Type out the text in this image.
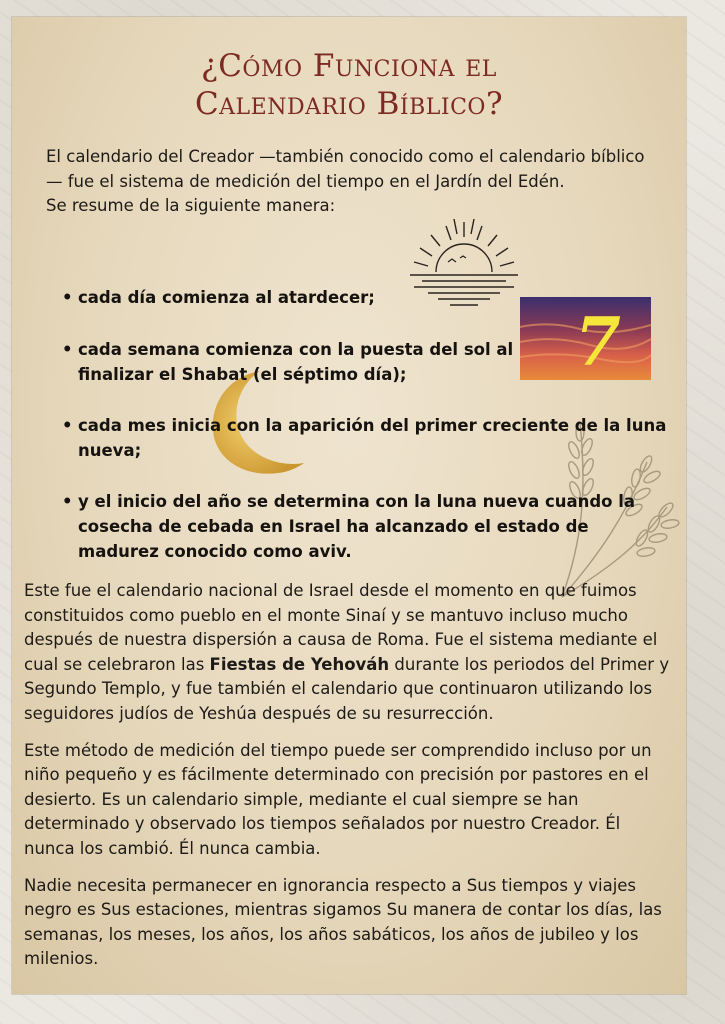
¿Cómo Funciona el
Calendario Bíblico?

El calendario del Creador —también conocido como el calendario bíblico— fue el sistema de medición del tiempo en el Jardín del Edén.

Se resume de la siguiente manera:

7
• cada día comienza al atardecer;
• cada semana comienza con la puesta del sol al finalizar el Shabat (el séptimo día);
• cada mes inicia con la aparición del primer creciente de la luna nueva;
• y el inicio del año se determina con la luna nueva cuando la cosecha de cebada en Israel ha alcanzado el estado de madurez conocido como aviv.

Este fue el calendario nacional de Israel desde el momento en que fuimos constituidos como pueblo en el monte Sinaí y se mantuvo incluso mucho después de nuestra dispersión a causa de Roma. Fue el sistema mediante el cual se celebraron las Fiestas de Yehováh durante los periodos del Primer y Segundo Templo, y fue también el calendario que continuaron utilizando los seguidores judíos de Yeshúa después de su resurrección.

Este método de medición del tiempo puede ser comprendido incluso por un niño pequeño y es fácilmente determinado con precisión por pastores en el desierto. Es un calendario simple, mediante el cual siempre se han determinado y observado los tiempos señalados por nuestro Creador. Él nunca los cambió. Él nunca cambia.

Nadie necesita permanecer en ignorancia respecto a Sus tiempos y viajes negro es Sus estaciones, mientras sigamos Su manera de contar los días, las semanas, los meses, los años, los años sabáticos, los años de jubileo y los milenios.
